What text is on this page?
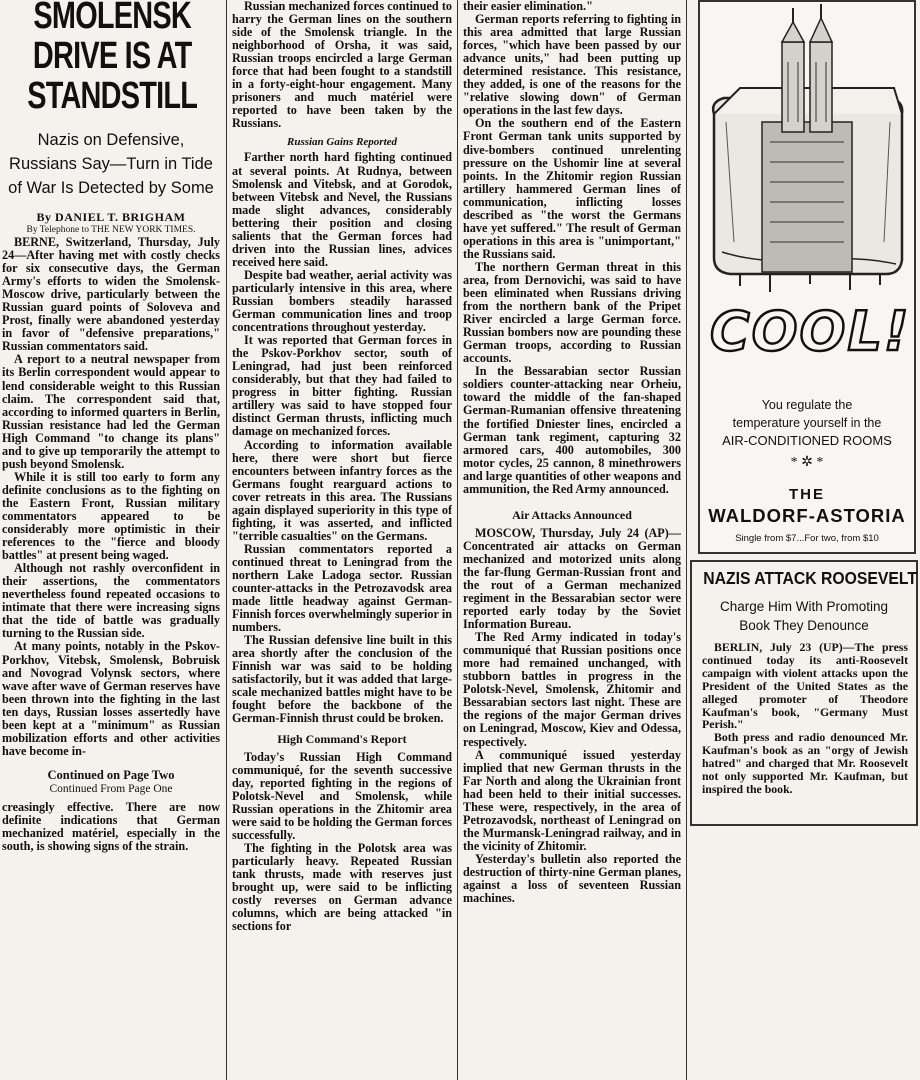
SMOLENSK DRIVE IS AT STANDSTILL
Nazis on Defensive, Russians Say—Turn in Tide of War Is Detected by Some
By DANIEL T. BRIGHAM
By Telephone to THE NEW YORK TIMES.

BERNE, Switzerland, Thursday, July 24—After having met with costly checks for six consecutive days, the German Army's efforts to widen the Smolensk-Moscow drive, particularly between the Russian guard points of Soloveva and Prost, finally were abandoned yesterday in favor of "defensive preparations," Russian commentators said.

A report to a neutral newspaper from its Berlin correspondent would appear to lend considerable weight to this Russian claim. The correspondent said that, according to informed quarters in Berlin, Russian resistance had led the German High Command "to change its plans" and to give up temporarily the attempt to push beyond Smolensk.

While it is still too early to form any definite conclusions as to the fighting on the Eastern Front, Russian military commentators appeared to be considerably more optimistic in their references to the "fierce and bloody battles" at present being waged.

Although not rashly overconfident in their assertions, the commentators nevertheless found repeated occasions to intimate that there were increasing signs that the tide of battle was gradually turning to the Russian side.

At many points, notably in the Pskov-Porkhov, Vitebsk, Smolensk, Bobruisk and Novograd Volynsk sectors, where wave after wave of German reserves have been thrown into the fighting in the last ten days, Russian losses assertedly have been kept at a "minimum" as Russian mobilization efforts and other activities have become in-

Continued on Page Two
Continued From Page One

creasingly effective. There are now definite indications that German mechanized matériel, especially in the south, is showing signs of the strain.

Russian mechanized forces continued to harry the German lines on the southern side of the Smolensk triangle. In the neighborhood of Orsha, it was said, Russian troops encircled a large German force that had been fought to a standstill in a forty-eight-hour engagement. Many prisoners and much matériel were reported to have been taken by the Russians.

Russian Gains Reported

Farther north hard fighting continued at several points. At Rudnya, between Smolensk and Vitebsk, and at Gorodok, between Vitebsk and Nevel, the Russians made slight advances, considerably bettering their position and closing salients that the German forces had driven into the Russian lines, advices received here said.

Despite bad weather, aerial activity was particularly intensive in this area, where Russian bombers steadily harassed German communication lines and troop concentrations throughout yesterday.

It was reported that German forces in the Pskov-Porkhov sector, south of Leningrad, had just been reinforced considerably, but that they had failed to progress in bitter fighting. Russian artillery was said to have stopped four distinct German thrusts, inflicting much damage on mechanized forces.

According to information available here, there were short but fierce encounters between infantry forces as the Germans fought rearguard actions to cover retreats in this area. The Russians again displayed superiority in this type of fighting, it was asserted, and inflicted "terrible casualties" on the Germans.

Russian commentators reported a continued threat to Leningrad from the northern Lake Ladoga sector. Russian counter-attacks in the Petrozavodsk area made little headway against German-Finnish forces overwhelmingly superior in numbers.

The Russian defensive line built in this area shortly after the conclusion of the Finnish war was said to be holding satisfactorily, but it was added that large-scale mechanized battles might have to be fought before the backbone of the German-Finnish thrust could be broken.

High Command's Report

Today's Russian High Command communiqué, for the seventh successive day, reported fighting in the regions of Polotsk-Nevel and Smolensk, while Russian operations in the Zhitomir area were said to be holding the German forces successfully.

The fighting in the Polotsk area was particularly heavy. Repeated Russian tank thrusts, made with reserves just brought up, were said to be inflicting costly reverses on German advance columns, which are being attacked "in sections for

their easier elimination."

German reports referring to fighting in this area admitted that large Russian forces, "which have been passed by our advance units," had been putting up determined resistance. This resistance, they added, is one of the reasons for the "relative slowing down" of German operations in the last few days.

On the southern end of the Eastern Front German tank units supported by dive-bombers continued unrelenting pressure on the Ushomir line at several points. In the Zhitomir region Russian artillery hammered German lines of communication, inflicting losses described as "the worst the Germans have yet suffered." The result of German operations in this area is "unimportant," the Russians said.

The northern German threat in this area, from Dernovichi, was said to have been eliminated when Russians driving from the northern bank of the Pripet River encircled a large German force. Russian bombers now are pounding these German troops, according to Russian accounts.

In the Bessarabian sector Russian soldiers counter-attacking near Orheiu, toward the middle of the fan-shaped German-Rumanian offensive threatening the fortified Dniester lines, encircled a German tank regiment, capturing 32 armored cars, 400 automobiles, 300 motor cycles, 25 cannon, 8 minethrowers and large quantities of other weapons and ammunition, the Red Army announced.

Air Attacks Announced

MOSCOW, Thursday, July 24 (AP)—Concentrated air attacks on German mechanized and motorized units along the far-flung German-Russian front and the rout of a German mechanized regiment in the Bessarabian sector were reported early today by the Soviet Information Bureau.

The Red Army indicated in today's communiqué that Russian positions once more had remained unchanged, with stubborn battles in progress in the Polotsk-Nevel, Smolensk, Zhitomir and Bessarabian sectors last night. These are the regions of the major German drives on Leningrad, Moscow, Kiev and Odessa, respectively.

A communiqué issued yesterday implied that new German thrusts in the Far North and along the Ukrainian front had been held to their initial successes. These were, respectively, in the area of Petrozavodsk, northeast of Leningrad on the Murmansk-Leningrad railway, and in the vicinity of Zhitomir.

Yesterday's bulletin also reported the destruction of thirty-nine German planes, against a loss of seventeen Russian machines.

COOL!
You regulate the temperature yourself in the
AIR-CONDITIONED ROOMS
* ✲ *
THE
WALDORF-ASTORIA
Single from $7...For two, from $10
NAZIS ATTACK ROOSEVELT
Charge Him With Promoting Book They Denounce

BERLIN, July 23 (UP)—The press continued today its anti-Roosevelt campaign with violent attacks upon the President of the United States as the alleged promoter of Theodore Kaufman's book, "Germany Must Perish."

Both press and radio denounced Mr. Kaufman's book as an "orgy of Jewish hatred" and charged that Mr. Roosevelt not only supported Mr. Kaufman, but inspired the book.
